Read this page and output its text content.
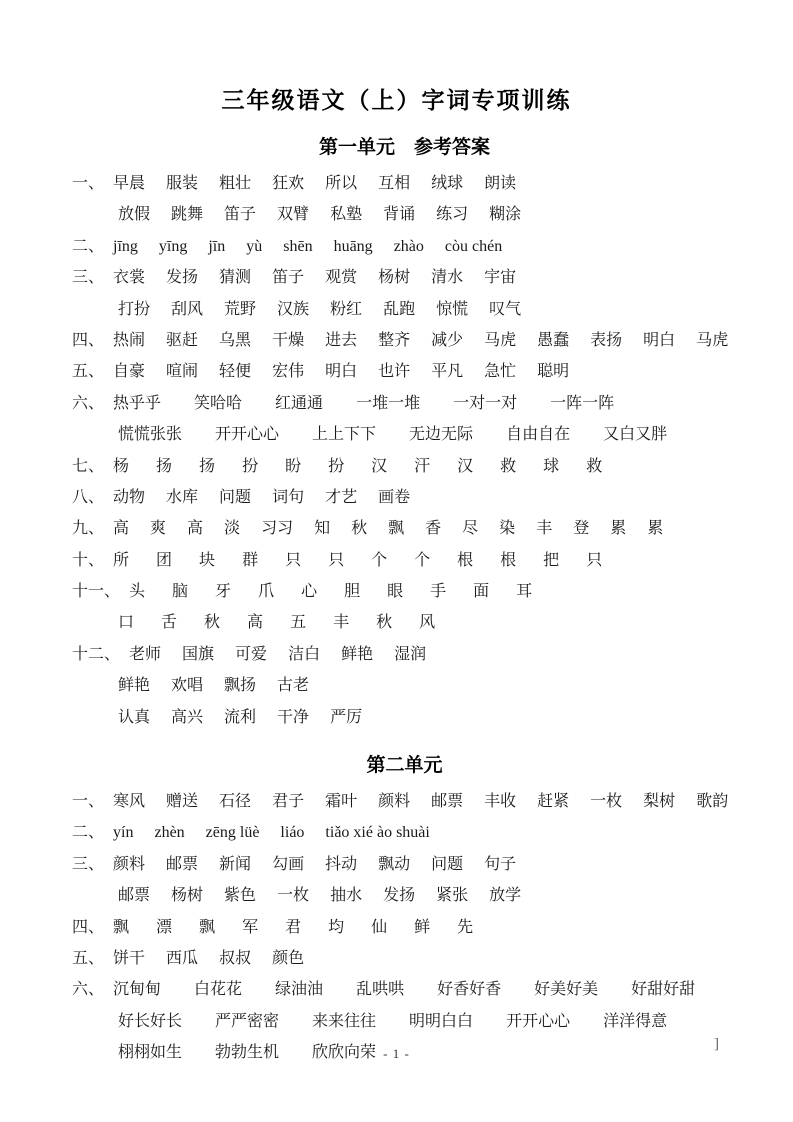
三年级语文（上）字词专项训练
第一单元　参考答案
一、 早晨 服装 粗壮 狂欢 所以 互相 绒球 朗读
放假 跳舞 笛子 双臂 私塾 背诵 练习 糊涂
二、 jīng yīng jīn yù shēn huāng zhào còu chén
三、 衣裳 发扬 猜测 笛子 观赏 杨树 清水 宇宙
打扮 刮风 荒野 汉族 粉红 乱跑 惊慌 叹气
四、 热闹 驱赶 乌黑 干燥 进去 整齐 减少 马虎 愚蠢 表扬 明白 马虎
五、 自豪 喧闹 轻便 宏伟 明白 也许 平凡 急忙 聪明
六、 热乎乎 笑哈哈 红通通 一堆一堆 一对一对 一阵一阵
慌慌张张 开开心心 上上下下 无边无际 自由自在 又白又胖
七、 杨 扬 扬 扮 盼 扮 汉 汗 汉 救 球 救
八、 动物 水库 问题 词句 才艺 画卷
九、 高 爽 高 淡 习习 知 秋 飘 香 尽 染 丰 登 累 累
十、 所 团 块 群 只 只 个 个 根 根 把 只
十一、 头 脑 牙 爪 心 胆 眼 手 面 耳
口 舌 秋 高 五 丰 秋 风
十二、 老师 国旗 可爱 洁白 鲜艳 湿润
鲜艳 欢唱 飘扬 古老
认真 高兴 流利 干净 严厉
第二单元
一、 寒风 赠送 石径 君子 霜叶 颜料 邮票 丰收 赶紧 一枚 梨树 歌韵
二、 yín zhèn zēng lüè liáo tiǎo xié ào shuài
三、 颜料 邮票 新闻 勾画 抖动 飘动 问题 句子
邮票 杨树 紫色 一枚 抽水 发扬 紧张 放学
四、 飘 漂 飘 军 君 均 仙 鲜 先
五、 饼干 西瓜 叔叔 颜色
六、 沉甸甸 白花花 绿油油 乱哄哄 好香好香 好美好美 好甜好甜
好长好长 严严密密 来来往往 明明白白 开开心心 洋洋得意
栩栩如生 勃勃生机 欣欣向荣 - 1 -
]
